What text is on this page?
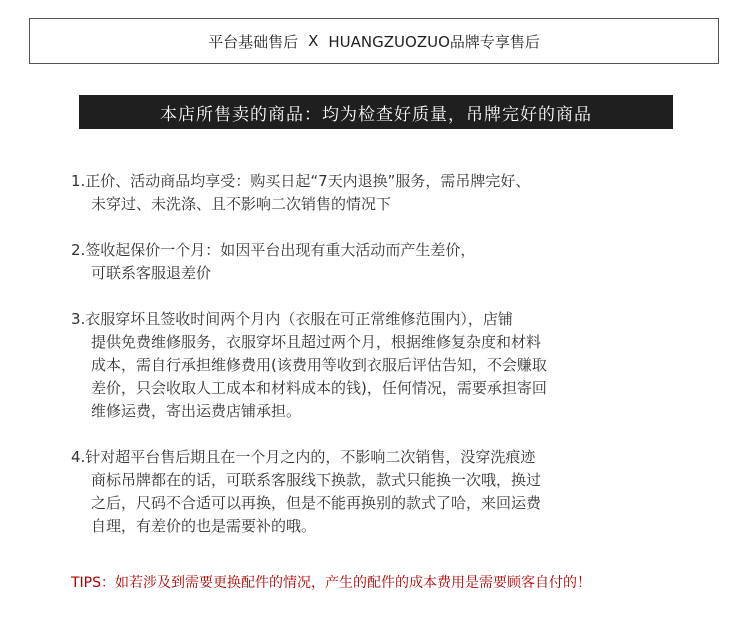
平台基础售后 X HUANGZUOZUO品牌专享售后
本店所售卖的商品：均为检查好质量，吊牌完好的商品
1.正价、活动商品均享受：购买日起“7天内退换”服务，需吊牌完好、
未穿过、未洗涤、且不影响二次销售的情况下
2.签收起保价一个月：如因平台出现有重大活动而产生差价，
可联系客服退差价
3.衣服穿坏且签收时间两个月内（衣服在可正常维修范围内），店铺
提供免费维修服务，衣服穿坏且超过两个月，根据维修复杂度和材料
成本，需自行承担维修费用(该费用等收到衣服后评估告知，不会赚取
差价，只会收取人工成本和材料成本的钱)，任何情况，需要承担寄回
维修运费，寄出运费店铺承担。
4.针对超平台售后期且在一个月之内的，不影响二次销售，没穿洗痕迹
商标吊牌都在的话，可联系客服线下换款，款式只能换一次哦，换过
之后，尺码不合适可以再换，但是不能再换别的款式了哈，来回运费
自理，有差价的也是需要补的哦。
TIPS：如若涉及到需要更换配件的情况，产生的配件的成本费用是需要顾客自付的！
